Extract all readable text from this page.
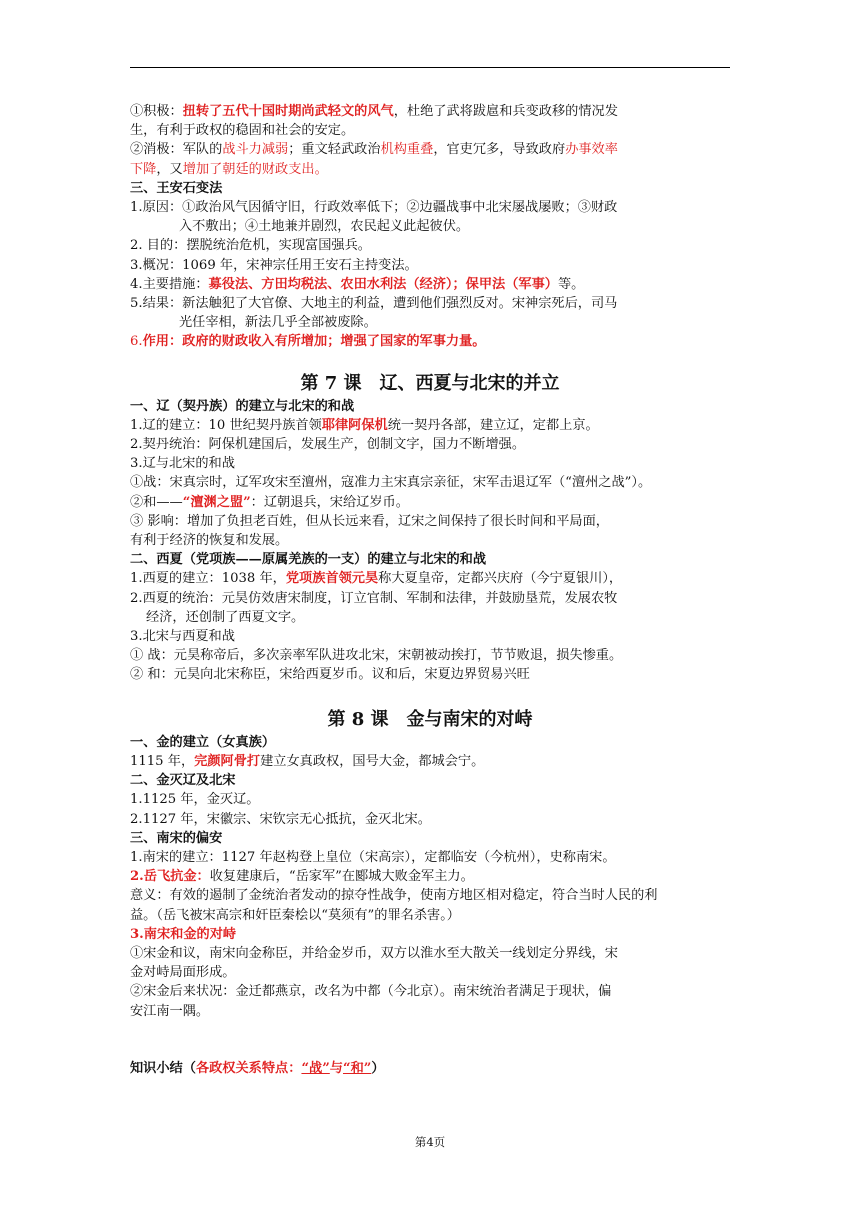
①积极：扭转了五代十国时期尚武轻文的风气，杜绝了武将跋扈和兵变政移的情况发

生，有利于政权的稳固和社会的安定。

②消极：军队的战斗力减弱；重文轻武政治机构重叠，官吏冗多，导致政府办事效率

下降，又增加了朝廷的财政支出。

三、王安石变法

1.原因：①政治风气因循守旧，行政效率低下；②边疆战事中北宋屡战屡败；③财政

入不敷出；④土地兼并剧烈，农民起义此起彼伏。

2. 目的：摆脱统治危机，实现富国强兵。

3.概况：1069 年，宋神宗任用王安石主持变法。

4.主要措施：募役法、方田均税法、农田水利法（经济）；保甲法（军事）等。

5.结果：新法触犯了大官僚、大地主的利益，遭到他们强烈反对。宋神宗死后，司马

光任宰相，新法几乎全部被废除。

6.作用：政府的财政收入有所增加；增强了国家的军事力量。

第 7 课　辽、西夏与北宋的并立

一、辽（契丹族）的建立与北宋的和战

1.辽的建立：10 世纪契丹族首领耶律阿保机统一契丹各部，建立辽，定都上京。

2.契丹统治：阿保机建国后，发展生产，创制文字，国力不断增强。

3.辽与北宋的和战

①战：宋真宗时，辽军攻宋至澶州，寇准力主宋真宗亲征，宋军击退辽军（“澶州之战”）。

②和——“澶渊之盟”：辽朝退兵，宋给辽岁币。

③ 影响：增加了负担老百姓，但从长远来看，辽宋之间保持了很长时间和平局面，

有利于经济的恢复和发展。

二、西夏（党项族——原属羌族的一支）的建立与北宋的和战

1.西夏的建立：1038 年，党项族首领元昊称大夏皇帝，定都兴庆府（今宁夏银川），

2.西夏的统治：元昊仿效唐宋制度，订立官制、军制和法律，并鼓励垦荒，发展农牧

经济，还创制了西夏文字。

3.北宋与西夏和战

① 战：元昊称帝后，多次亲率军队进攻北宋，宋朝被动挨打，节节败退，损失惨重。

② 和：元昊向北宋称臣，宋给西夏岁币。议和后，宋夏边界贸易兴旺

第 8 课　金与南宋的对峙

一、金的建立（女真族）

1115 年，完颜阿骨打建立女真政权，国号大金，都城会宁。

二、金灭辽及北宋

1.1125 年，金灭辽。

2.1127 年，宋徽宗、宋钦宗无心抵抗，金灭北宋。

三、南宋的偏安

1.南宋的建立：1127 年赵构登上皇位（宋高宗），定都临安（今杭州），史称南宋。

2.岳飞抗金：收复建康后，“岳家军”在郾城大败金军主力。

意义：有效的遏制了金统治者发动的掠夺性战争，使南方地区相对稳定，符合当时人民的利

益。（岳飞被宋高宗和奸臣秦桧以“莫须有”的罪名杀害。）

3.南宋和金的对峙

①宋金和议，南宋向金称臣，并给金岁币，双方以淮水至大散关一线划定分界线，宋

金对峙局面形成。

②宋金后来状况：金迁都燕京，改名为中都（今北京）。南宋统治者满足于现状，偏

安江南一隅。

知识小结（各政权关系特点：“战”与“和”）

第4页
